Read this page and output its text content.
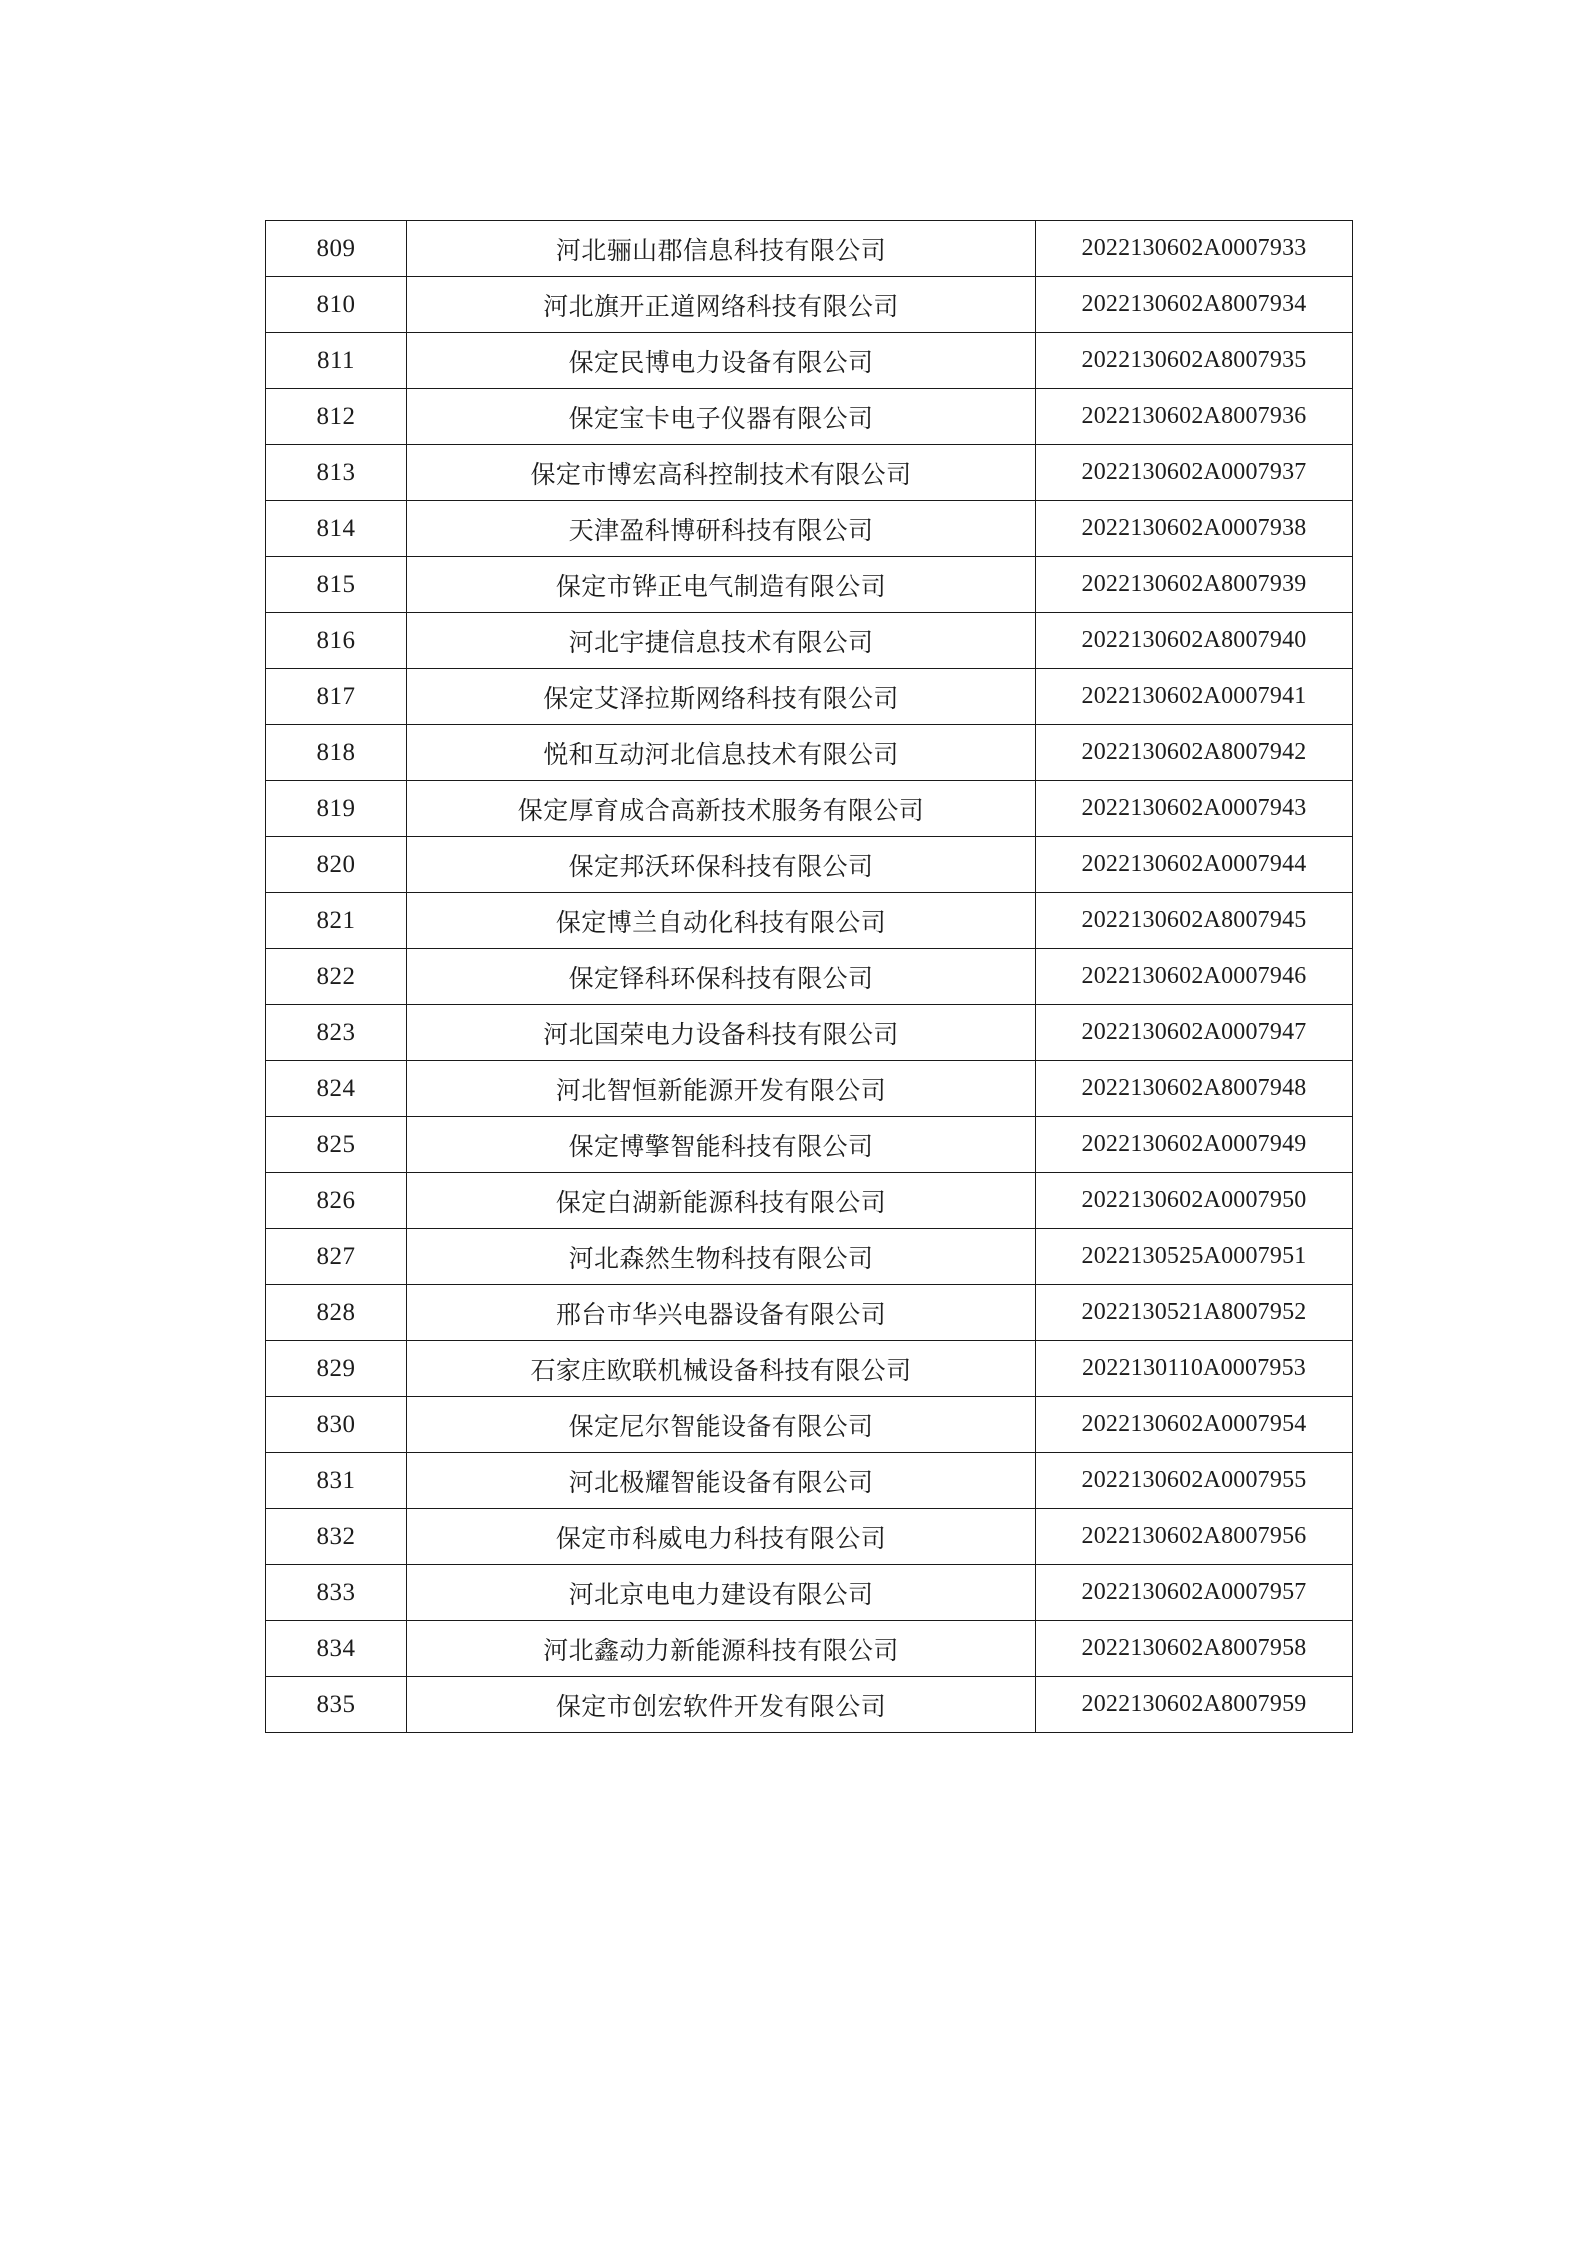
809	河北骊山郡信息科技有限公司	2022130602A0007933
810	河北旗开正道网络科技有限公司	2022130602A8007934
811	保定民博电力设备有限公司	2022130602A8007935
812	保定宝卡电子仪器有限公司	2022130602A8007936
813	保定市博宏高科控制技术有限公司	2022130602A0007937
814	天津盈科博研科技有限公司	2022130602A0007938
815	保定市铧正电气制造有限公司	2022130602A8007939
816	河北宇捷信息技术有限公司	2022130602A8007940
817	保定艾泽拉斯网络科技有限公司	2022130602A0007941
818	悦和互动河北信息技术有限公司	2022130602A8007942
819	保定厚育成合高新技术服务有限公司	2022130602A0007943
820	保定邦沃环保科技有限公司	2022130602A0007944
821	保定博兰自动化科技有限公司	2022130602A8007945
822	保定铎科环保科技有限公司	2022130602A0007946
823	河北国荣电力设备科技有限公司	2022130602A0007947
824	河北智恒新能源开发有限公司	2022130602A8007948
825	保定博擎智能科技有限公司	2022130602A0007949
826	保定白湖新能源科技有限公司	2022130602A0007950
827	河北森然生物科技有限公司	2022130525A0007951
828	邢台市华兴电器设备有限公司	2022130521A8007952
829	石家庄欧联机械设备科技有限公司	2022130110A0007953
830	保定尼尔智能设备有限公司	2022130602A0007954
831	河北极耀智能设备有限公司	2022130602A0007955
832	保定市科威电力科技有限公司	2022130602A8007956
833	河北京电电力建设有限公司	2022130602A0007957
834	河北鑫动力新能源科技有限公司	2022130602A8007958
835	保定市创宏软件开发有限公司	2022130602A8007959
